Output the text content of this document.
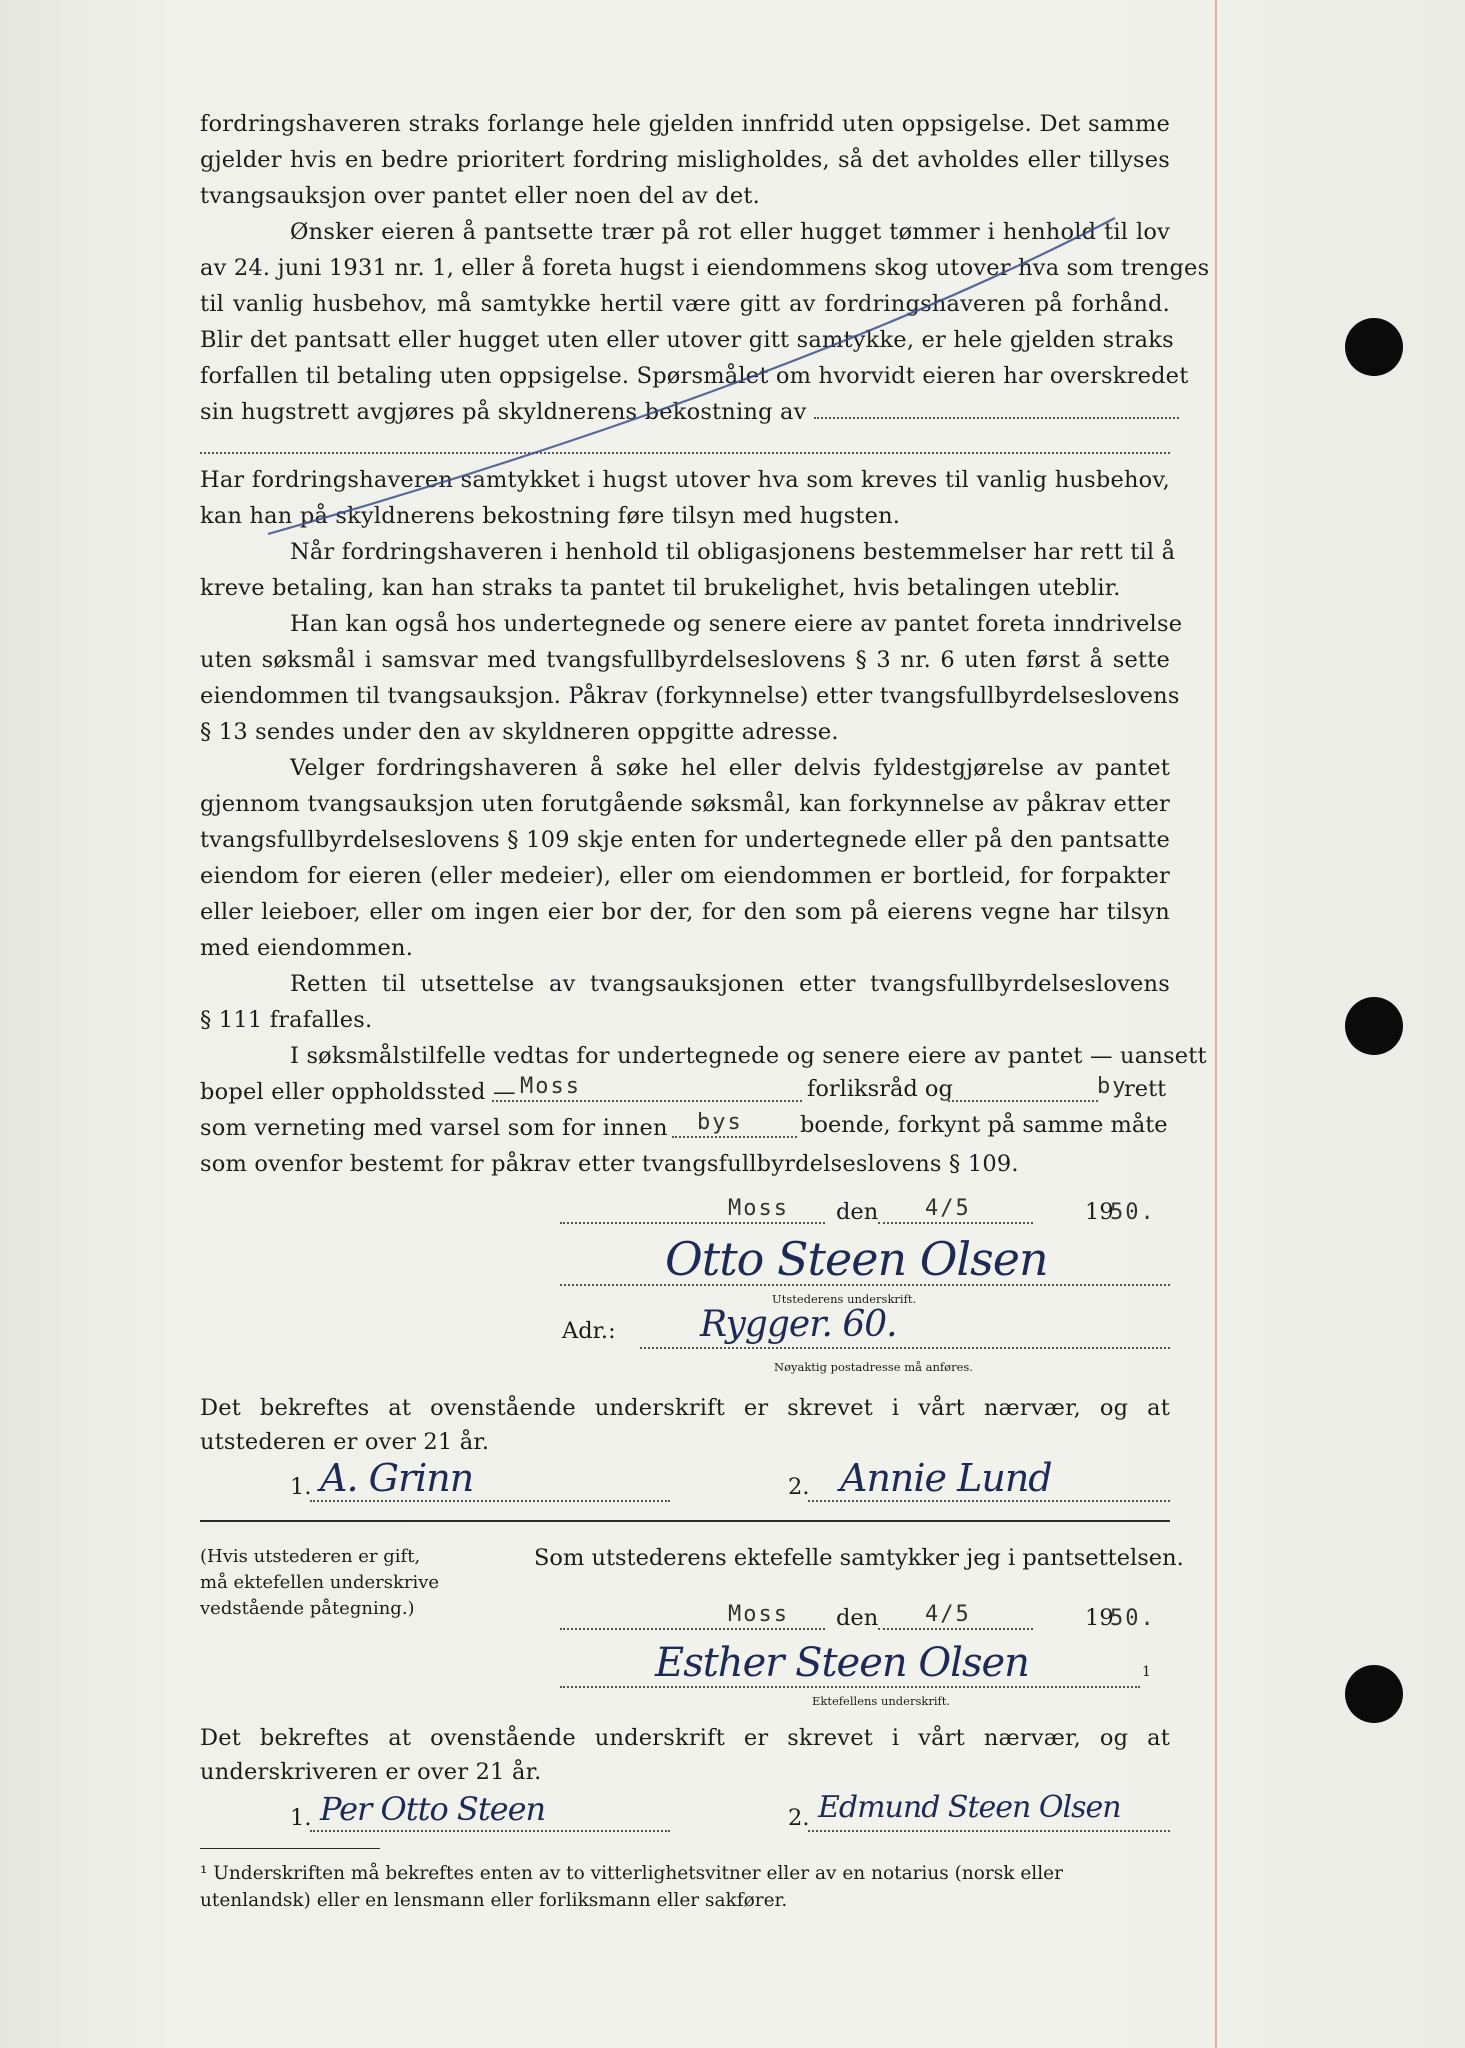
fordringshaveren straks forlange hele gjelden innfridd uten oppsigelse. Det samme
gjelder hvis en bedre prioritert fordring misligholdes, så det avholdes eller tillyses
tvangsauksjon over pantet eller noen del av det.
Ønsker eieren å pantsette trær på rot eller hugget tømmer i henhold til lov
av 24. juni 1931 nr. 1, eller å foreta hugst i eiendommens skog utover hva som trenges
til vanlig husbehov, må samtykke hertil være gitt av fordringshaveren på forhånd.
Blir det pantsatt eller hugget uten eller utover gitt samtykke, er hele gjelden straks
forfallen til betaling uten oppsigelse. Spørsmålet om hvorvidt eieren har overskredet
sin hugstrett avgjøres på skyldnerens bekostning av
Har fordringshaveren samtykket i hugst utover hva som kreves til vanlig husbehov,
kan han på skyldnerens bekostning føre tilsyn med hugsten.
Når fordringshaveren i henhold til obligasjonens bestemmelser har rett til å
kreve betaling, kan han straks ta pantet til brukelighet, hvis betalingen uteblir.
Han kan også hos undertegnede og senere eiere av pantet foreta inndrivelse
uten søksmål i samsvar med tvangsfullbyrdelseslovens § 3 nr. 6 uten først å sette
eiendommen til tvangsauksjon. Påkrav (forkynnelse) etter tvangsfullbyrdelseslovens
§ 13 sendes under den av skyldneren oppgitte adresse.
Velger fordringshaveren å søke hel eller delvis fyldestgjørelse av pantet
gjennom tvangsauksjon uten forutgående søksmål, kan forkynnelse av påkrav etter
tvangsfullbyrdelseslovens § 109 skje enten for undertegnede eller på den pantsatte
eiendom for eieren (eller medeier), eller om eiendommen er bortleid, for forpakter
eller leieboer, eller om ingen eier bor der, for den som på eierens vegne har tilsyn
med eiendommen.
Retten til utsettelse av tvangsauksjonen etter tvangsfullbyrdelseslovens
§ 111 frafalles.
I søksmålstilfelle vedtas for undertegnede og senere eiere av pantet — uansett
bopel eller oppholdssted — Moss	forliksråd og	by
rett
som verneting med varsel som for innen	bys	boende, forkynt på samme måte
som ovenfor bestemt for påkrav etter tvangsfullbyrdelseslovens § 109.
Moss den 4/5	19
50.
Otto Steen Olsen
Utstederens underskrift.
Adr.: Rygger. 60.
Nøyaktig postadresse må anføres.
Det bekreftes at ovenstående underskrift er skrevet i vårt nærvær, og at
utstederen er over 21 år.
1. A. Grinn	2. Annie Lund
(Hvis utstederen er gift,
må ektefellen underskrive
vedstående påtegning.)
Som utstederens ektefelle samtykker jeg i pantsettelsen.
Moss den 4/5	19
50.
Esther Steen Olsen	1
Ektefellens underskrift.
Det bekreftes at ovenstående underskrift er skrevet i vårt nærvær, og at
underskriveren er over 21 år.
1. Per Otto Steen	2. Edmund Steen Olsen
¹ Underskriften må bekreftes enten av to vitterlighetsvitner eller av en notarius (norsk eller
utenlandsk) eller en lensmann eller forliksmann eller sakfører.
